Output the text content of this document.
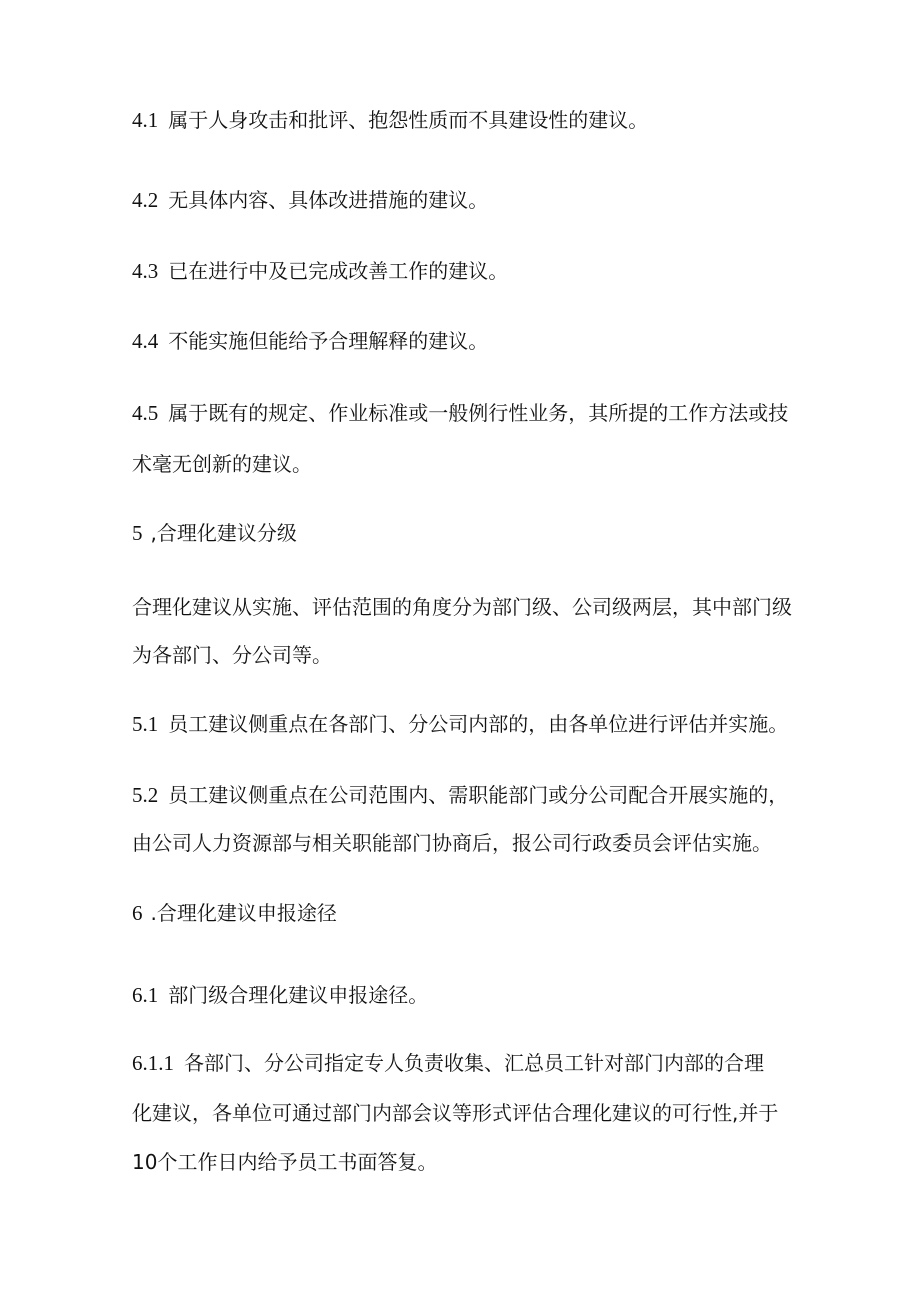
4.1 属于人身攻击和批评、抱怨性质而不具建设性的建议。

4.2 无具体内容、具体改进措施的建议。

4.3 已在进行中及已完成改善工作的建议。

4.4 不能实施但能给予合理解释的建议。

4.5 属于既有的规定、作业标准或一般例行性业务，其所提的工作方法或技

术毫无创新的建议。

5 ,合理化建议分级

合理化建议从实施、评估范围的角度分为部门级、公司级两层，其中部门级

为各部门、分公司等。

5.1 员工建议侧重点在各部门、分公司内部的，由各单位进行评估并实施。

5.2 员工建议侧重点在公司范围内、需职能部门或分公司配合开展实施的，

由公司人力资源部与相关职能部门协商后，报公司行政委员会评估实施。

6 .合理化建议申报途径

6.1 部门级合理化建议申报途径。

6.1.1 各部门、分公司指定专人负责收集、汇总员工针对部门内部的合理

化建议，各单位可通过部门内部会议等形式评估合理化建议的可行性,并于

10个工作日内给予员工书面答复。
